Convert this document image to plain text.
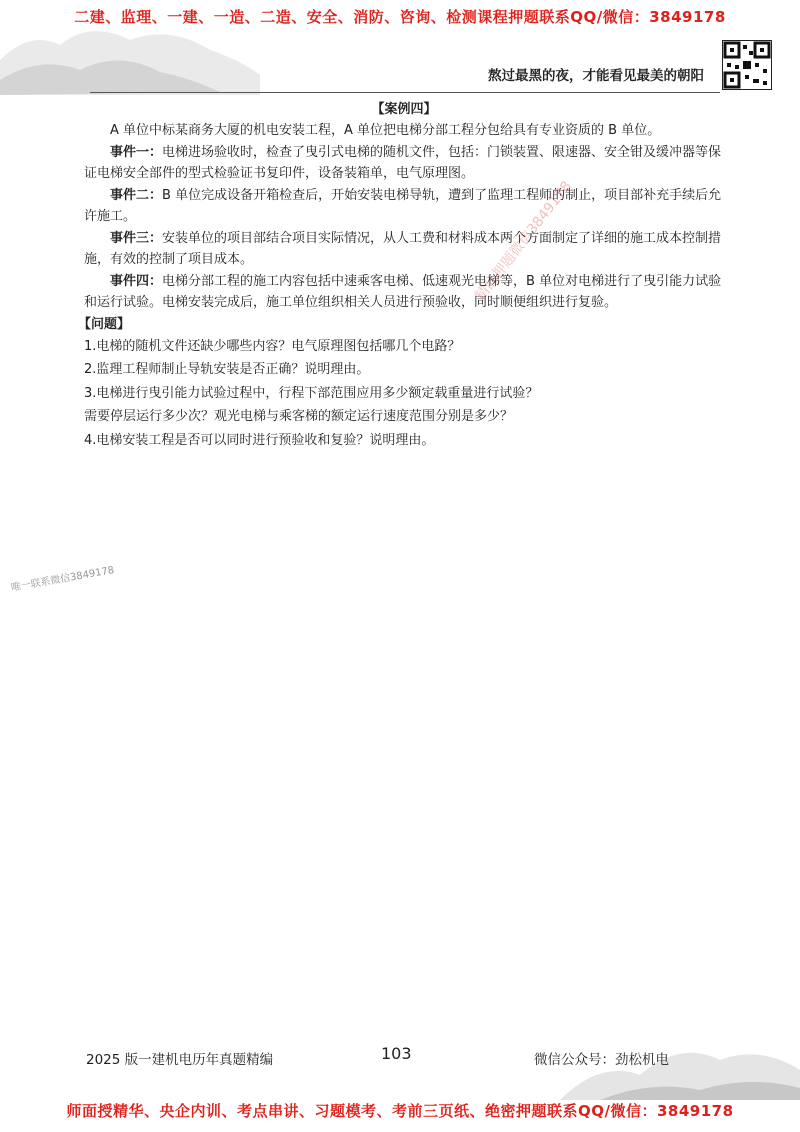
二建、监理、一建、一造、二造、安全、消防、咨询、检测课程押题联系QQ/微信：3849178
熬过最黑的夜，才能看见最美的朝阳
【案例四】

A 单位中标某商务大厦的机电安装工程，A 单位把电梯分部工程分包给具有专业资质的 B 单位。

事件一：电梯进场验收时，检查了曳引式电梯的随机文件，包括：门锁装置、限速器、安全钳及缓冲器等保证电梯安全部件的型式检验证书复印件，设备装箱单，电气原理图。

事件二：B 单位完成设备开箱检查后，开始安装电梯导轨，遭到了监理工程师的制止，项目部补充手续后允许施工。

事件三：安装单位的项目部结合项目实际情况，从人工费和材料成本两个方面制定了详细的施工成本控制措施，有效的控制了项目成本。

事件四：电梯分部工程的施工内容包括中速乘客电梯、低速观光电梯等，B 单位对电梯进行了曳引能力试验和运行试验。电梯安装完成后，施工单位组织相关人员进行预验收，同时顺便组织进行复验。

【问题】
1.电梯的随机文件还缺少哪些内容？电气原理图包括哪几个电路？
2.监理工程师制止导轨安装是否正确？说明理由。
3.电梯进行曳引能力试验过程中，行程下部范围应用多少额定载重量进行试验？
需要停层运行多少次？观光电梯与乘客梯的额定运行速度范围分别是多少？
4.电梯安装工程是否可以同时进行预验收和复验？说明理由。
精品押题微信3849178
唯一联系微信3849178
2025 版一建机电历年真题精编	103	微信公众号：劲松机电
师面授精华、央企内训、考点串讲、习题模考、考前三页纸、绝密押题联系QQ/微信：3849178
